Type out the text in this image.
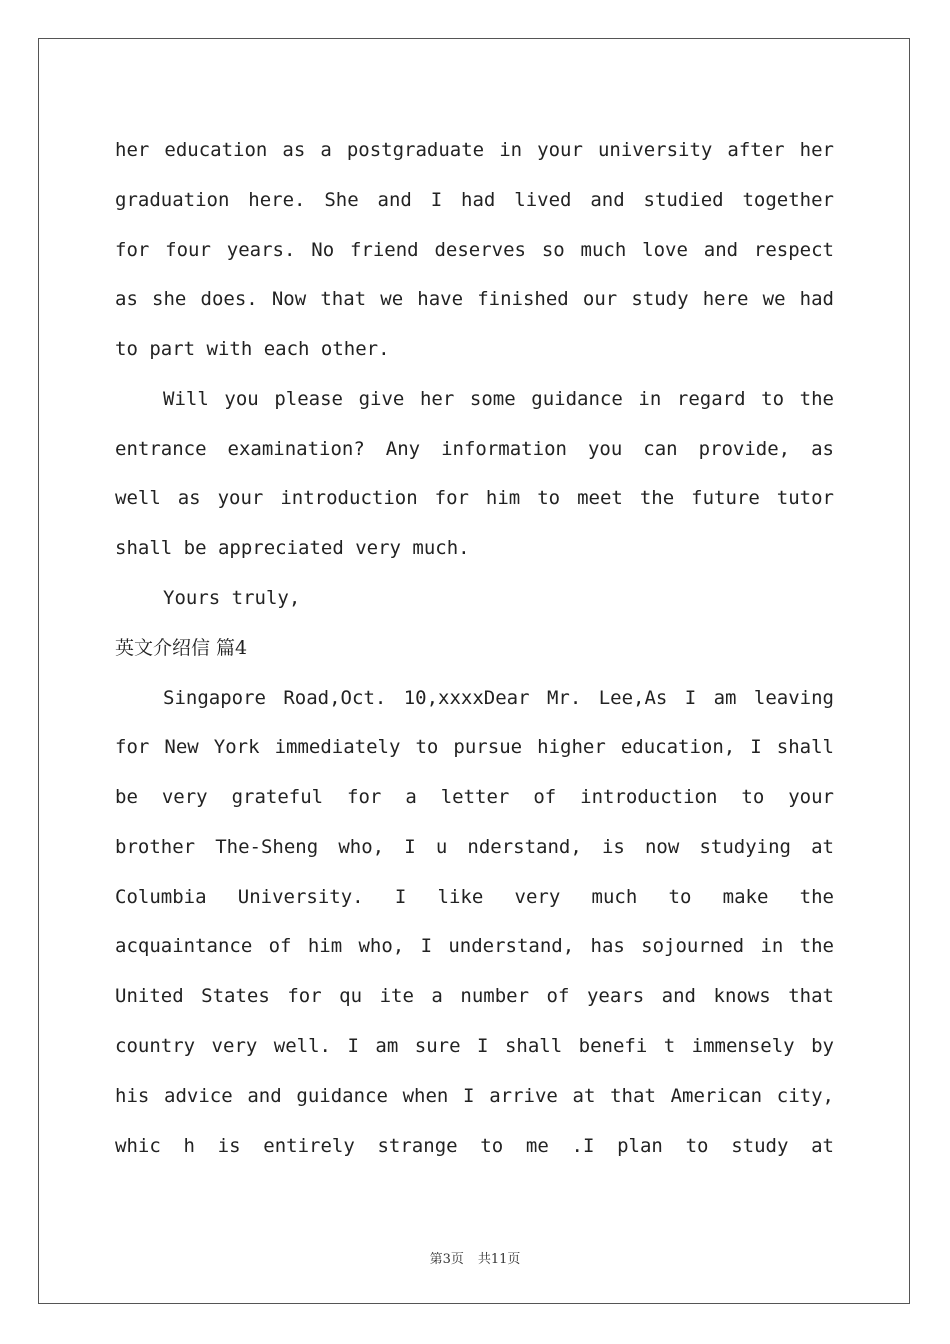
her education as a postgraduate in your university after her
graduation here. She and I had lived and studied together
for four years. No friend deserves so much love and respect
as she does. Now that we have finished our study here we had
to part with each other.
Will you please give her some guidance in regard to the
entrance examination? Any information you can provide, as
well as your introduction for him to meet the future tutor
shall be appreciated very much.
Yours truly,
英文介绍信 篇4
Singapore Road,Oct. 10,xxxxDear Mr. Lee,As I am leaving
for New York immediately to pursue higher education, I shall
be very grateful for a letter of introduction to your
brother The-Sheng who, I u nderstand, is now studying at
Columbia University. I like very much to make the
acquaintance of him who, I understand, has sojourned in the
United States for qu ite a number of years and knows that
country very well. I am sure I shall benefi t immensely by
his advice and guidance when I arrive at that American city,
whic h is entirely strange to me .I plan to study at
第3页 共11页
